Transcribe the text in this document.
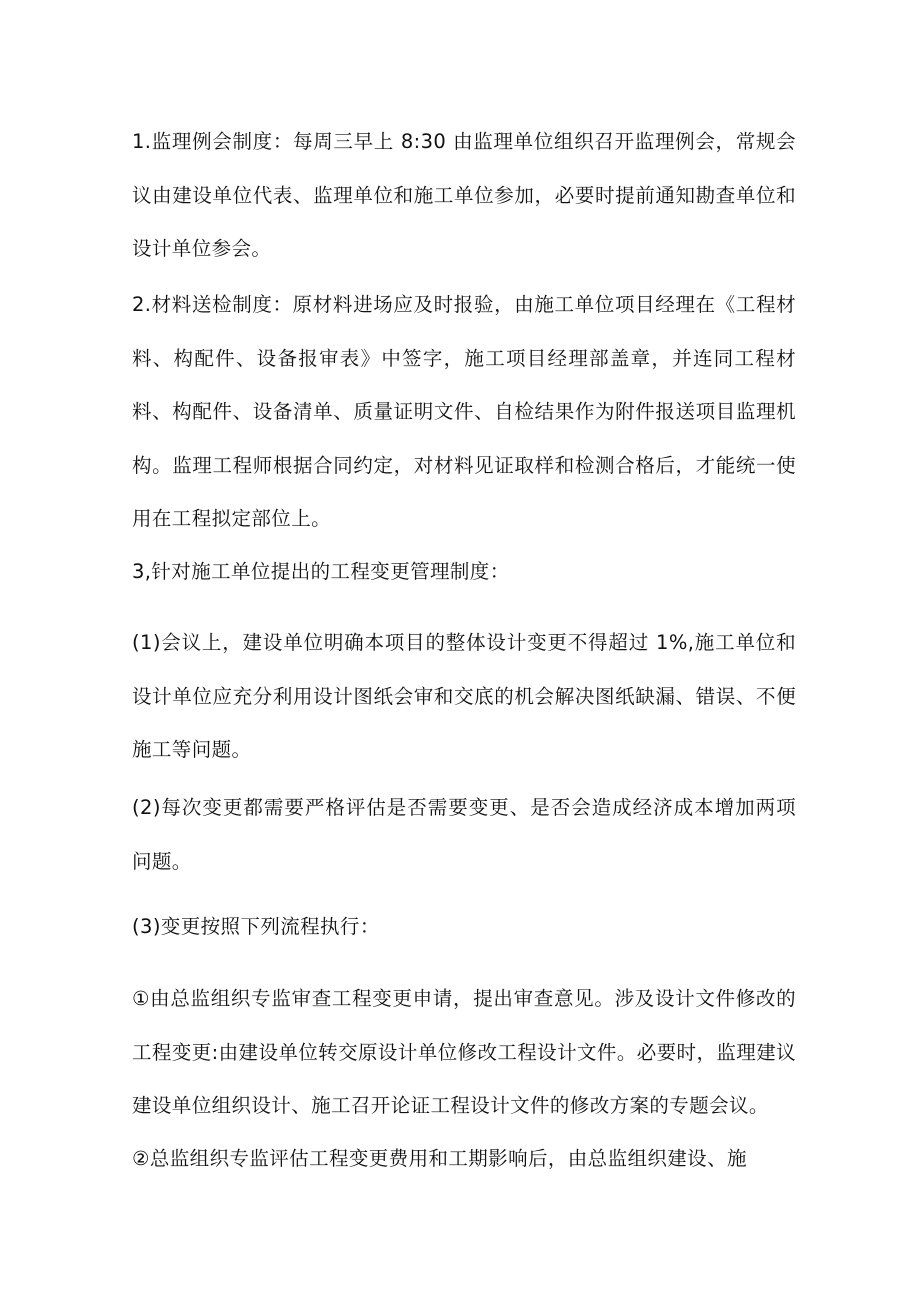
1.监理例会制度：每周三早上 8:30 由监理单位组织召开监理例会，常规会议由建设单位代表、监理单位和施工单位参加，必要时提前通知勘查单位和设计单位参会。

2.材料送检制度：原材料进场应及时报验，由施工单位项目经理在《工程材料、构配件、设备报审表》中签字，施工项目经理部盖章，并连同工程材料、构配件、设备清单、质量证明文件、自检结果作为附件报送项目监理机构。监理工程师根据合同约定，对材料见证取样和检测合格后，才能统一使用在工程拟定部位上。

3,针对施工单位提出的工程变更管理制度：

(1)会议上，建设单位明确本项目的整体设计变更不得超过 1%,施工单位和设计单位应充分利用设计图纸会审和交底的机会解决图纸缺漏、错误、不便施工等问题。

(2)每次变更都需要严格评估是否需要变更、是否会造成经济成本增加两项问题。

(3)变更按照下列流程执行：

①由总监组织专监审查工程变更申请，提出审查意见。涉及设计文件修改的工程变更:由建设单位转交原设计单位修改工程设计文件。必要时，监理建议建设单位组织设计、施工召开论证工程设计文件的修改方案的专题会议。

②总监组织专监评估工程变更费用和工期影响后，由总监组织建设、施
